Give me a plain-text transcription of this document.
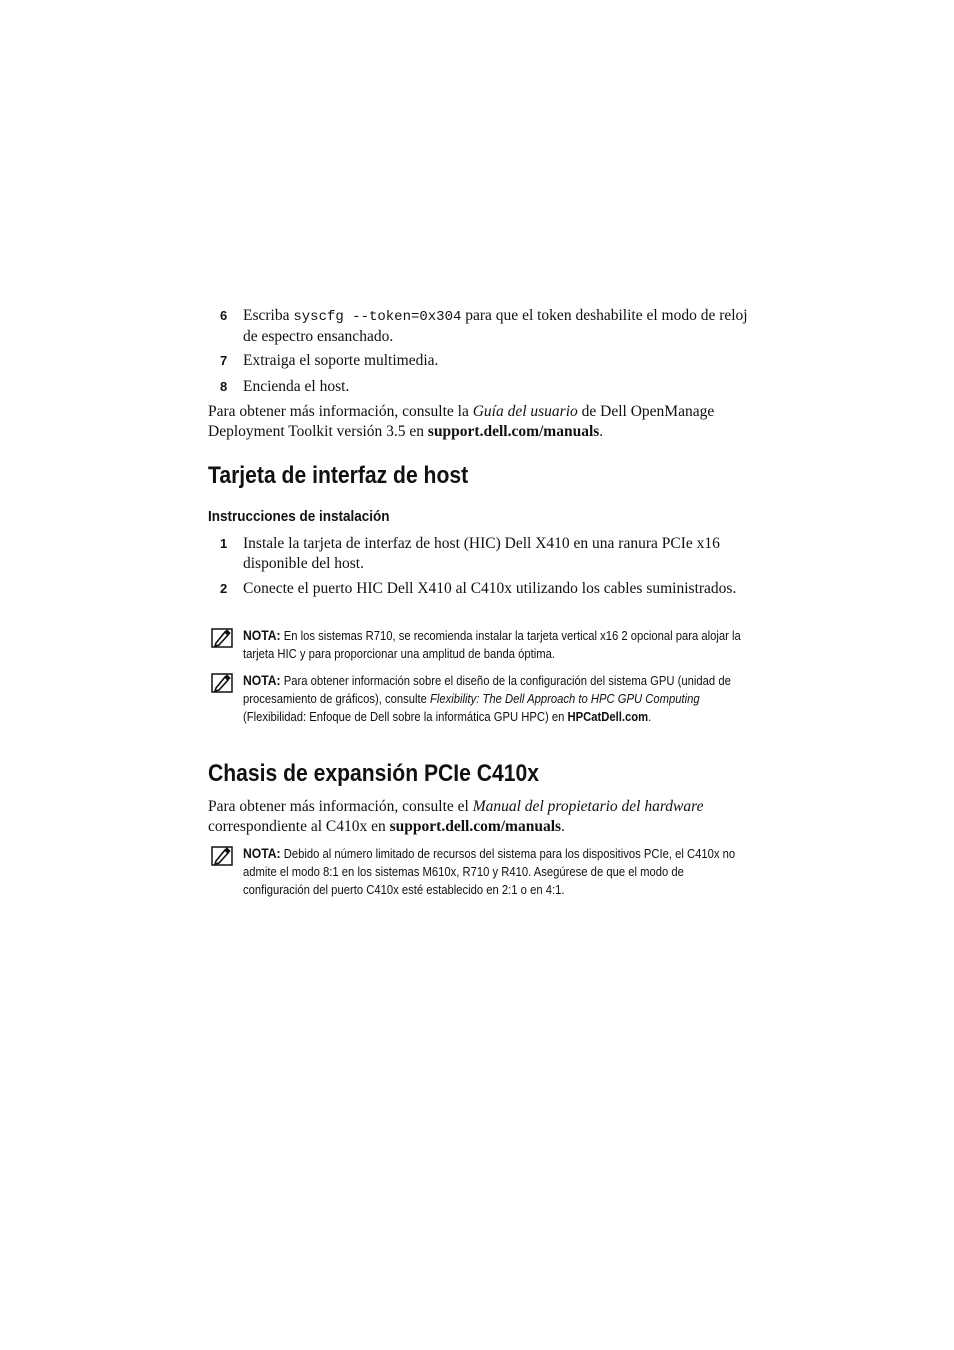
6	Escriba syscfg --token=0x304 para que el token deshabilite el modo de reloj de espectro ensanchado.
7	Extraiga el soporte multimedia.
8	Encienda el host.
Para obtener más información, consulte la Guía del usuario de Dell OpenManage Deployment Toolkit versión 3.5 en support.dell.com/manuals.
Tarjeta de interfaz de host
Instrucciones de instalación
1	Instale la tarjeta de interfaz de host (HIC) Dell X410 en una ranura PCIe x16 disponible del host.
2	Conecte el puerto HIC Dell X410 al C410x utilizando los cables suministrados.
NOTA: En los sistemas R710, se recomienda instalar la tarjeta vertical x16 2 opcional para alojar la tarjeta HIC y para proporcionar una amplitud de banda óptima.
NOTA: Para obtener información sobre el diseño de la configuración del sistema GPU (unidad de procesamiento de gráficos), consulte Flexibility: The Dell Approach to HPC GPU Computing (Flexibilidad: Enfoque de Dell sobre la informática GPU HPC) en HPCatDell.com.
Chasis de expansión PCIe C410x
Para obtener más información, consulte el Manual del propietario del hardware correspondiente al C410x en support.dell.com/manuals.
NOTA: Debido al número limitado de recursos del sistema para los dispositivos PCIe, el C410x no admite el modo 8:1 en los sistemas M610x, R710 y R410. Asegúrese de que el modo de configuración del puerto C410x esté establecido en 2:1 o en 4:1.
